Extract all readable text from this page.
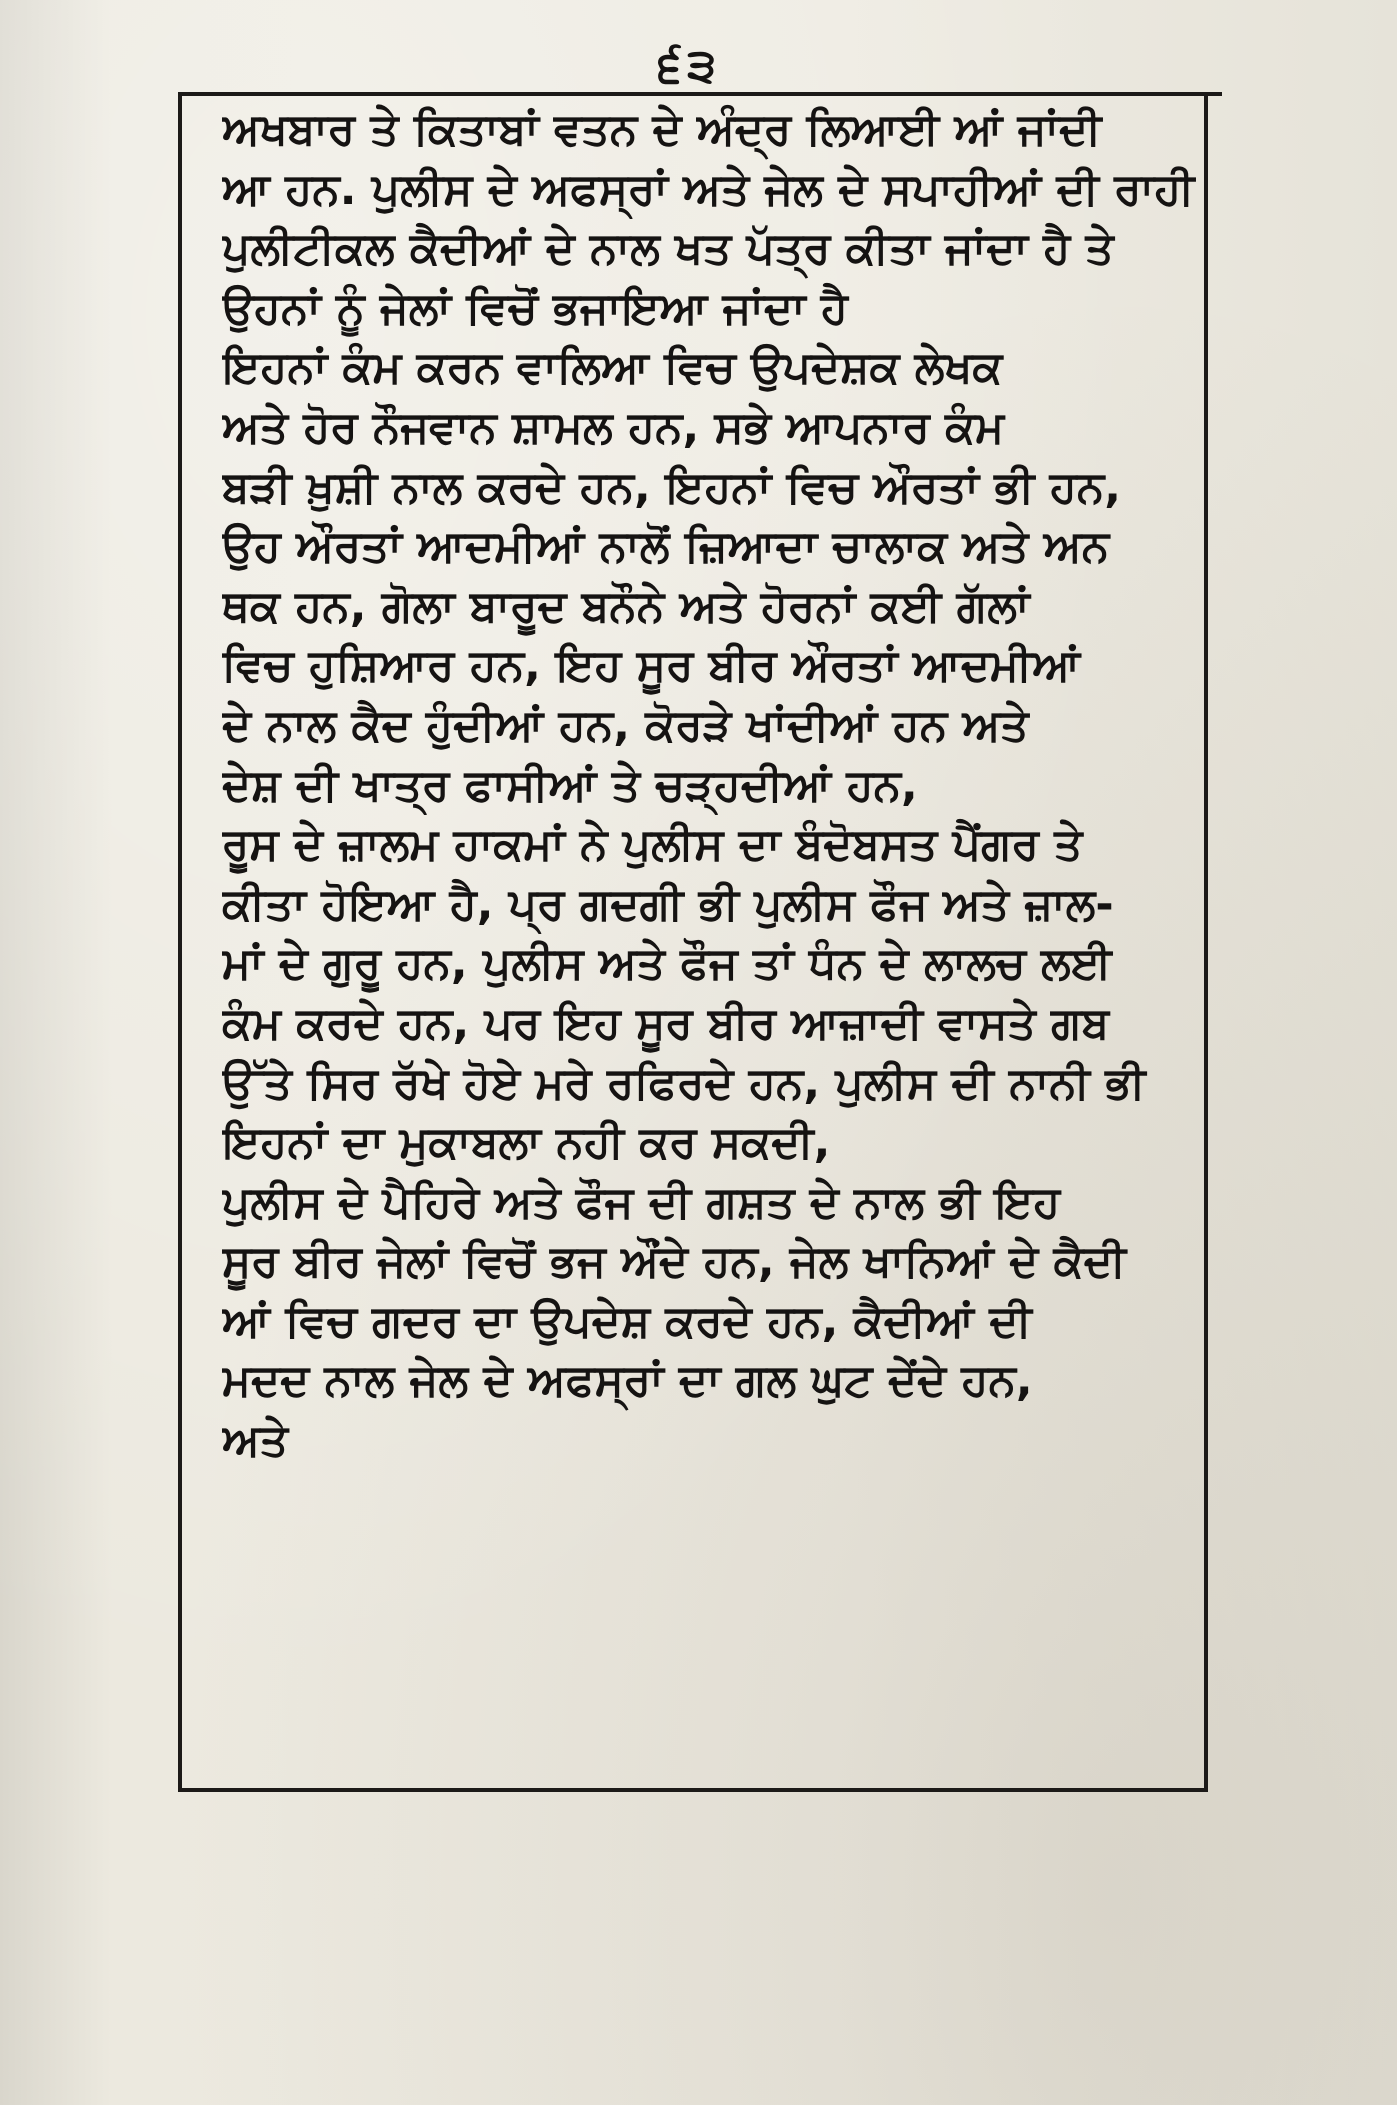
੬੩
ਅਖਬਾਰ ਤੇ ਕਿਤਾਬਾਂ ਵਤਨ ਦੇ ਅੰਦ੍ਰ ਲਿਆਈ ਆਂ ਜਾਂਦੀ
ਆ ਹਨ. ਪੁਲੀਸ ਦੇ ਅਫਸ੍ਰਾਂ ਅਤੇ ਜੇਲ ਦੇ ਸਪਾਹੀਆਂ ਦੀ ਰਾਹੀ
ਪੁਲੀਟੀਕਲ ਕੈਦੀਆਂ ਦੇ ਨਾਲ ਖਤ ਪੱਤ੍ਰ ਕੀਤਾ ਜਾਂਦਾ ਹੈ ਤੇ
ਉਹਨਾਂ ਨੂੰ ਜੇਲਾਂ ਵਿਚੋਂ ਭਜਾਇਆ ਜਾਂਦਾ ਹੈ
ਇਹਨਾਂ ਕੰਮ ਕਰਨ ਵਾਲਿਆ ਵਿਚ ਉਪਦੇਸ਼ਕ ਲੇਖਕ
ਅਤੇ ਹੋਰ ਨੌਜਵਾਨ ਸ਼ਾਮਲ ਹਨ, ਸਭੇ ਆਪਨਾਰ ਕੰਮ
ਬੜੀ ਖ਼ੁਸ਼ੀ ਨਾਲ ਕਰਦੇ ਹਨ, ਇਹਨਾਂ ਵਿਚ ਔਰਤਾਂ ਭੀ ਹਨ,
ਉਹ ਔਰਤਾਂ ਆਦਮੀਆਂ ਨਾਲੋਂ ਜ਼ਿਆਦਾ ਚਾਲਾਕ ਅਤੇ ਅਨ
ਥਕ ਹਨ, ਗੋਲਾ ਬਾਰੂਦ ਬਨੌਨੇ ਅਤੇ ਹੋਰਨਾਂ ਕਈ ਗੱਲਾਂ
ਵਿਚ ਹੁਸ਼ਿਆਰ ਹਨ, ਇਹ ਸੂਰ ਬੀਰ ਔਰਤਾਂ ਆਦਮੀਆਂ
ਦੇ ਨਾਲ ਕੈਦ ਹੁੰਦੀਆਂ ਹਨ, ਕੋਰੜੇ ਖਾਂਦੀਆਂ ਹਨ ਅਤੇ
ਦੇਸ਼ ਦੀ ਖਾਤ੍ਰ ਫਾਸੀਆਂ ਤੇ ਚੜ੍ਹਦੀਆਂ ਹਨ,
ਰੂਸ ਦੇ ਜ਼ਾਲਮ ਹਾਕਮਾਂ ਨੇ ਪੁਲੀਸ ਦਾ ਬੰਦੋਬਸਤ ਪੈਂਗਰ ਤੇ
ਕੀਤਾ ਹੋਇਆ ਹੈ, ਪ੍ਰ ਗਦਗੀ ਭੀ ਪੁਲੀਸ ਫੌਜ ਅਤੇ ਜ਼ਾਲ-
ਮਾਂ ਦੇ ਗੁਰੂ ਹਨ, ਪੁਲੀਸ ਅਤੇ ਫੌਜ ਤਾਂ ਧੰਨ ਦੇ ਲਾਲਚ ਲਈ
ਕੰਮ ਕਰਦੇ ਹਨ, ਪਰ ਇਹ ਸੂਰ ਬੀਰ ਆਜ਼ਾਦੀ ਵਾਸਤੇ ਗਬ
ਉੱਤੇ ਸਿਰ ਰੱਖੇ ਹੋਏ ਮਰੇ ਰਫਿਰਦੇ ਹਨ, ਪੁਲੀਸ ਦੀ ਨਾਨੀ ਭੀ
ਇਹਨਾਂ ਦਾ ਮੁਕਾਬਲਾ ਨਹੀ ਕਰ ਸਕਦੀ,
ਪੁਲੀਸ ਦੇ ਪੈਹਿਰੇ ਅਤੇ ਫੌਜ ਦੀ ਗਸ਼ਤ ਦੇ ਨਾਲ ਭੀ ਇਹ
ਸੂਰ ਬੀਰ ਜੇਲਾਂ ਵਿਚੋਂ ਭਜ ਔਂਦੇ ਹਨ, ਜੇਲ ਖਾਨਿਆਂ ਦੇ ਕੈਦੀ
ਆਂ ਵਿਚ ਗਦਰ ਦਾ ਉਪਦੇਸ਼ ਕਰਦੇ ਹਨ, ਕੈਦੀਆਂ ਦੀ
ਮਦਦ ਨਾਲ ਜੇਲ ਦੇ ਅਫਸ੍ਰਾਂ ਦਾ ਗਲ ਘੁਟ ਦੇਂਦੇ ਹਨ,
ਅਤੇ
